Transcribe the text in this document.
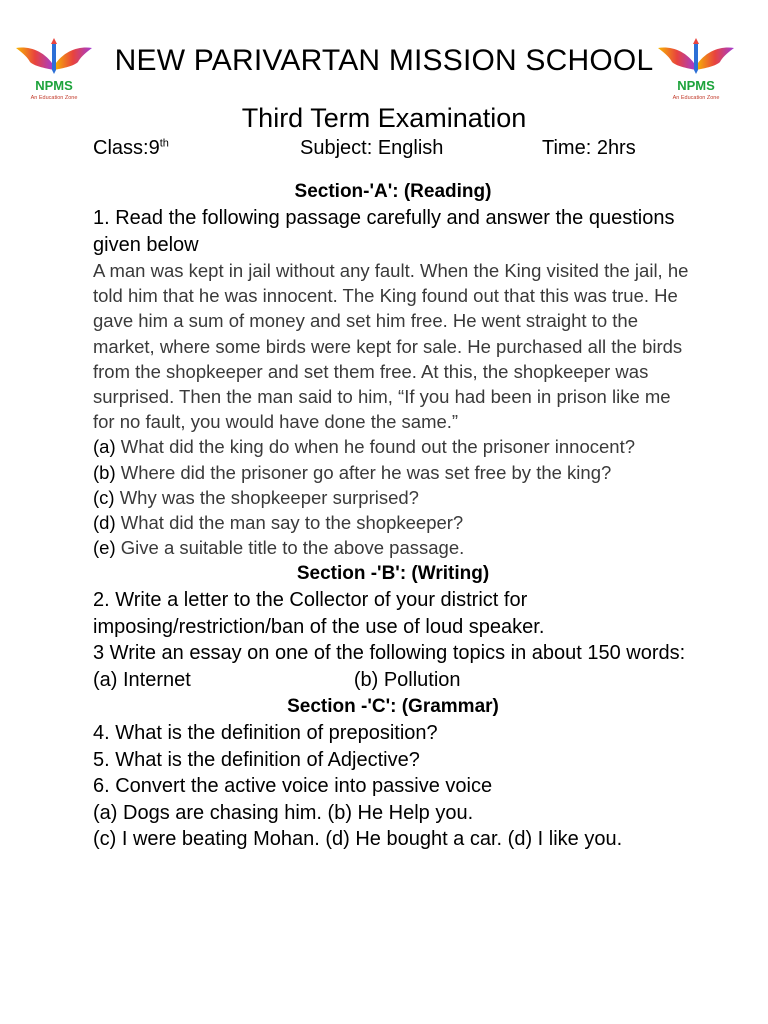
NPMS
An Education Zone
NPMS
An Education Zone
NEW PARIVARTAN MISSION SCHOOL
Third Term Examination
Class:9th	Subject: English	Time: 2hrs
Section-'A': (Reading)
1. Read the following passage carefully and answer the questions given below
A man was kept in jail without any fault. When the King visited the jail, he told him that he was innocent. The King found out that this was true. He gave him a sum of money and set him free. He went straight to the market, where some birds were kept for sale. He purchased all the birds from the shopkeeper and set them free. At this, the shopkeeper was surprised. Then the man said to him, “If you had been in prison like me for no fault, you would have done the same.”
(a) What did the king do when he found out the prisoner innocent?
(b) Where did the prisoner go after he was set free by the king?
(c) Why was the shopkeeper surprised?
(d) What did the man say to the shopkeeper?
(e) Give a suitable title to the above passage.
Section -'B': (Writing)
2. Write a letter to the Collector of your district for imposing/restriction/ban of the use of loud speaker.
3 Write an essay on one of the following topics in about 150 words:
(a) Internet	(b) Pollution
Section -'C': (Grammar)
4. What is the definition of preposition?
5. What is the definition of Adjective?
6. Convert the active voice into passive voice
(a) Dogs are chasing him. (b) He Help you.
(c) I were beating Mohan. (d) He bought a car. (d) I like you.
